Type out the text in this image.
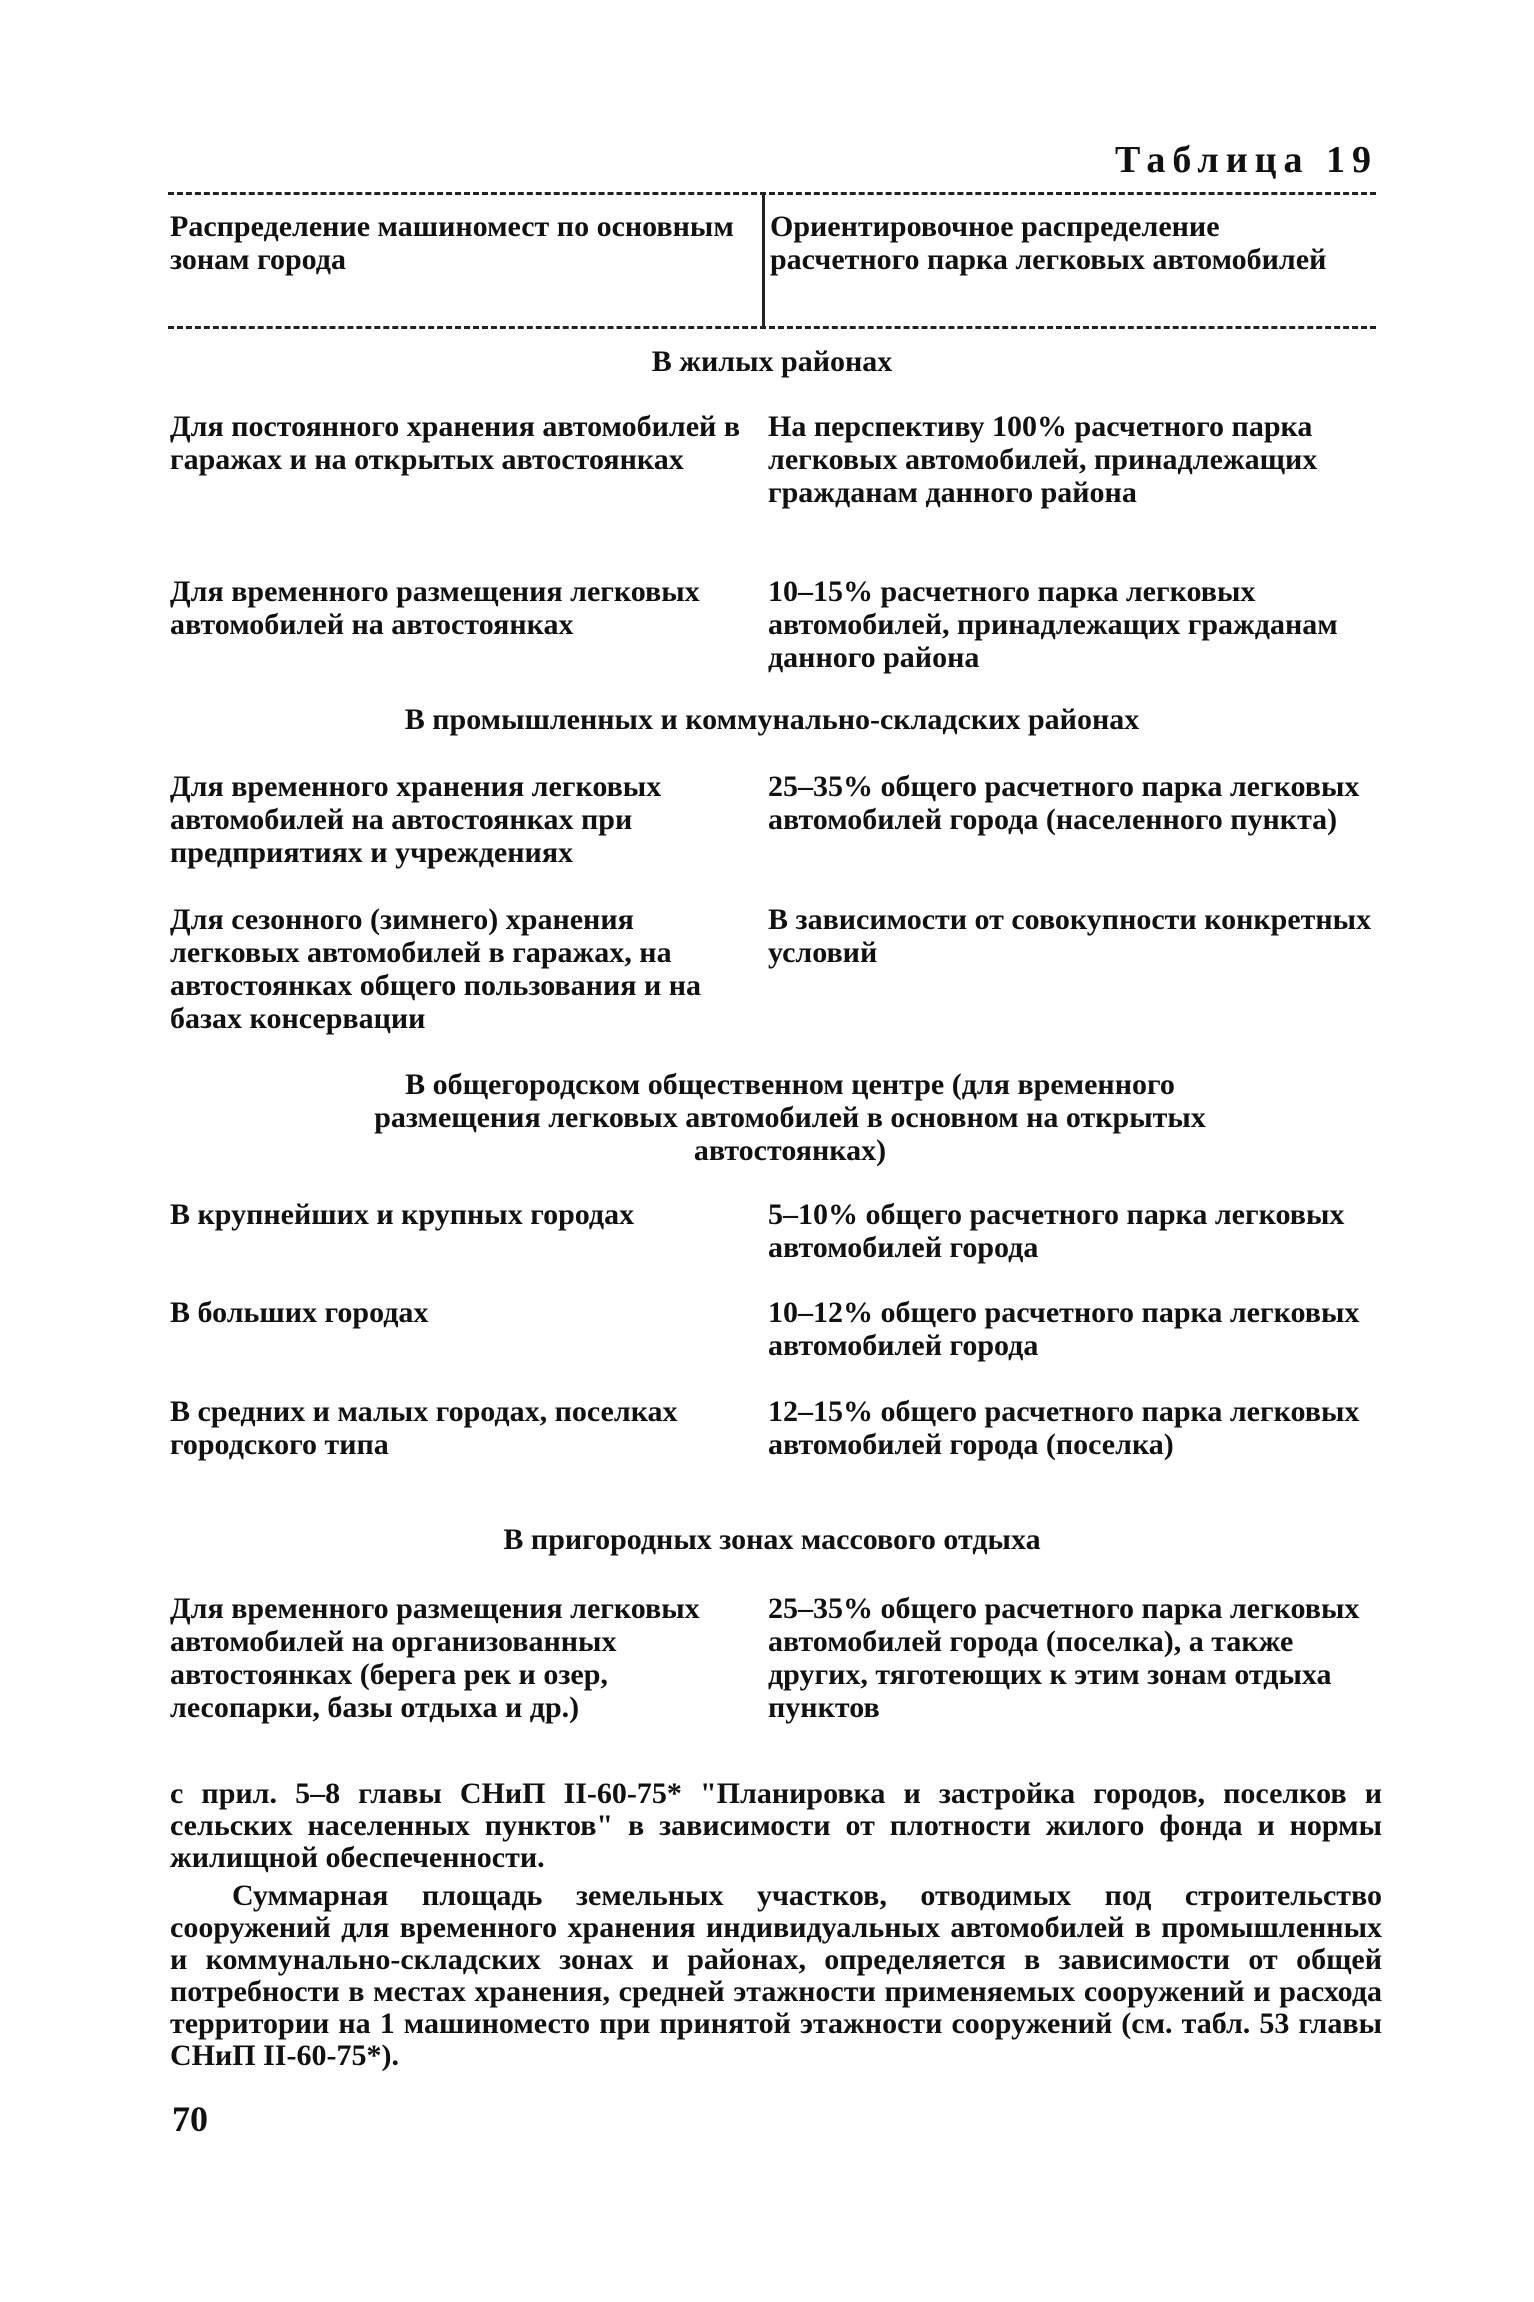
Таблица 19
Распределение машиномест по основным зонам города
Ориентировочное распределение расчетного парка легковых автомобилей
В жилых районах
Для постоянного хранения автомобилей в гаражах и на открытых автостоянках
На перспективу 100% расчетного парка легковых автомобилей, принадлежащих гражданам данного района
Для временного размещения легковых автомобилей на автостоянках
10–15% расчетного парка легковых автомобилей, принадлежащих гражданам данного района
В промышленных и коммунально-складских районах
Для временного хранения легковых автомобилей на автостоянках при предприятиях и учреждениях
25–35% общего расчетного парка легковых автомобилей города (населенного пункта)
Для сезонного (зимнего) хранения легковых автомобилей в гаражах, на автостоянках общего пользования и на базах консервации
В зависимости от совокупности конкретных условий
В общегородском общественном центре (для временного размещения легковых автомобилей в основном на открытых автостоянках)
В крупнейших и крупных городах	5–10% общего расчетного парка легковых автомобилей города
В больших городах	10–12% общего расчетного парка легковых автомобилей города
В средних и малых городах, поселках городского типа
12–15% общего расчетного парка легковых автомобилей города (поселка)
В пригородных зонах массового отдыха
Для временного размещения легковых автомобилей на организованных автостоянках (берега рек и озер, лесопарки, базы отдыха и др.)
25–35% общего расчетного парка легковых автомобилей города (поселка), а также других, тяготеющих к этим зонам отдыха пунктов
с прил. 5–8 главы СНиП II-60-75* "Планировка и застройка городов, поселков и сельских населенных пунктов" в зависимости от плотности жилого фонда и нормы жилищной обеспеченности.
Суммарная площадь земельных участков, отводимых под строительство сооружений для временного хранения индивидуальных автомобилей в промышленных и коммунально-складских зонах и районах, определяется в зависимости от общей потребности в местах хранения, средней этажности применяемых сооружений и расхода территории на 1 машиноместо при принятой этажности сооружений (см. табл. 53 главы СНиП II-60-75*).
70
